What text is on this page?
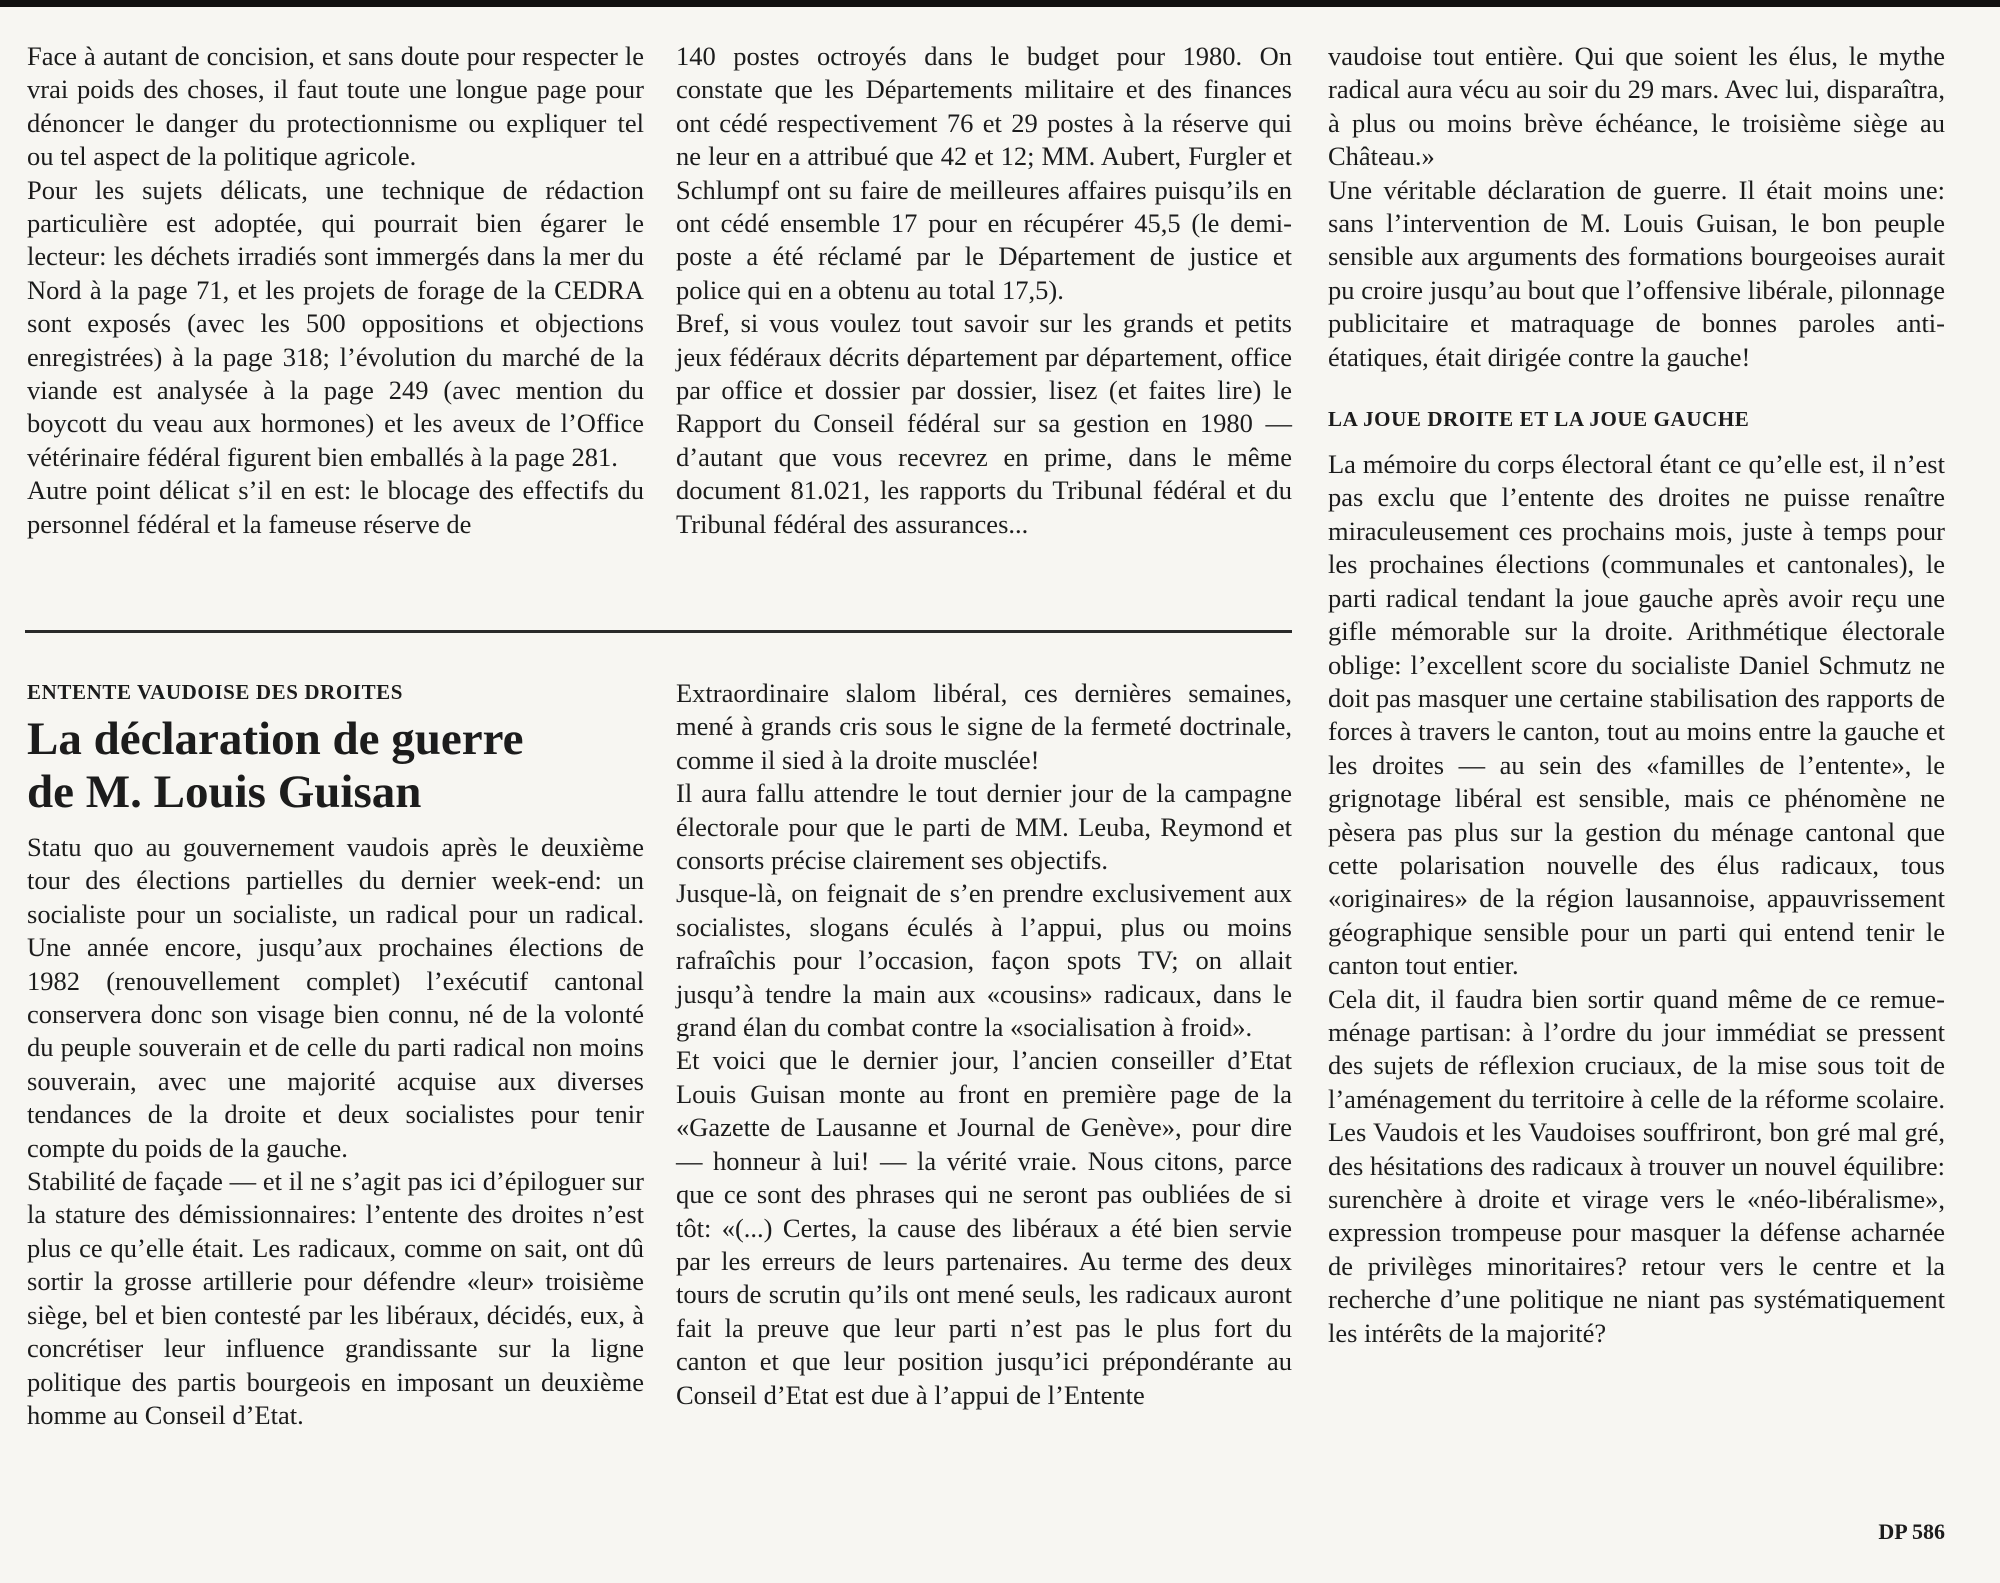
Face à autant de concision, et sans doute pour respecter le vrai poids des choses, il faut toute une longue page pour dénoncer le danger du protectionnisme ou expliquer tel ou tel aspect de la politique agricole.

Pour les sujets délicats, une technique de rédaction particulière est adoptée, qui pourrait bien égarer le lecteur: les déchets irradiés sont immergés dans la mer du Nord à la page 71, et les projets de forage de la CEDRA sont exposés (avec les 500 oppositions et objections enregistrées) à la page 318; l’évolution du marché de la viande est analysée à la page 249 (avec mention du boycott du veau aux hormones) et les aveux de l’Office vétérinaire fédéral figurent bien emballés à la page 281.

Autre point délicat s’il en est: le blocage des effectifs du personnel fédéral et la fameuse réserve de

140 postes octroyés dans le budget pour 1980. On constate que les Départements militaire et des finances ont cédé respectivement 76 et 29 postes à la réserve qui ne leur en a attribué que 42 et 12; MM. Aubert, Furgler et Schlumpf ont su faire de meilleures affaires puisqu’ils en ont cédé ensemble 17 pour en récupérer 45,5 (le demi-poste a été réclamé par le Département de justice et police qui en a obtenu au total 17,5).

Bref, si vous voulez tout savoir sur les grands et petits jeux fédéraux décrits département par département, office par office et dossier par dossier, lisez (et faites lire) le Rapport du Conseil fédéral sur sa gestion en 1980 — d’autant que vous recevrez en prime, dans le même document 81.021, les rapports du Tribunal fédéral et du Tribunal fédéral des assurances...

ENTENTE VAUDOISE DES DROITES
La déclaration de guerre
de M. Louis Guisan

Statu quo au gouvernement vaudois après le deuxième tour des élections partielles du dernier week-end: un socialiste pour un socialiste, un radical pour un radical. Une année encore, jusqu’aux prochaines élections de 1982 (renouvellement complet) l’exécutif cantonal conservera donc son visage bien connu, né de la volonté du peuple souverain et de celle du parti radical non moins souverain, avec une majorité acquise aux diverses tendances de la droite et deux socialistes pour tenir compte du poids de la gauche.

Stabilité de façade — et il ne s’agit pas ici d’épiloguer sur la stature des démissionnaires: l’entente des droites n’est plus ce qu’elle était. Les radicaux, comme on sait, ont dû sortir la grosse artillerie pour défendre «leur» troisième siège, bel et bien contesté par les libéraux, décidés, eux, à concrétiser leur influence grandissante sur la ligne politique des partis bourgeois en imposant un deuxième homme au Conseil d’Etat.

Extraordinaire slalom libéral, ces dernières semaines, mené à grands cris sous le signe de la fermeté doctrinale, comme il sied à la droite musclée!

Il aura fallu attendre le tout dernier jour de la campagne électorale pour que le parti de MM. Leuba, Reymond et consorts précise clairement ses objectifs.

Jusque-là, on feignait de s’en prendre exclusivement aux socialistes, slogans éculés à l’appui, plus ou moins rafraîchis pour l’occasion, façon spots TV; on allait jusqu’à tendre la main aux «cousins» radicaux, dans le grand élan du combat contre la «socialisation à froid».

Et voici que le dernier jour, l’ancien conseiller d’Etat Louis Guisan monte au front en première page de la «Gazette de Lausanne et Journal de Genève», pour dire — honneur à lui! — la vérité vraie. Nous citons, parce que ce sont des phrases qui ne seront pas oubliées de si tôt: «(...) Certes, la cause des libéraux a été bien servie par les erreurs de leurs partenaires. Au terme des deux tours de scrutin qu’ils ont mené seuls, les radicaux auront fait la preuve que leur parti n’est pas le plus fort du canton et que leur position jusqu’ici prépondérante au Conseil d’Etat est due à l’appui de l’Entente

vaudoise tout entière. Qui que soient les élus, le mythe radical aura vécu au soir du 29 mars. Avec lui, disparaîtra, à plus ou moins brève échéance, le troisième siège au Château.»

Une véritable déclaration de guerre. Il était moins une: sans l’intervention de M. Louis Guisan, le bon peuple sensible aux arguments des formations bourgeoises aurait pu croire jusqu’au bout que l’offensive libérale, pilonnage publicitaire et matraquage de bonnes paroles anti-étatiques, était dirigée contre la gauche!

LA JOUE DROITE ET LA JOUE GAUCHE

La mémoire du corps électoral étant ce qu’elle est, il n’est pas exclu que l’entente des droites ne puisse renaître miraculeusement ces prochains mois, juste à temps pour les prochaines élections (communales et cantonales), le parti radical tendant la joue gauche après avoir reçu une gifle mémorable sur la droite. Arithmétique électorale oblige: l’excellent score du socialiste Daniel Schmutz ne doit pas masquer une certaine stabilisation des rapports de forces à travers le canton, tout au moins entre la gauche et les droites — au sein des «familles de l’entente», le grignotage libéral est sensible, mais ce phénomène ne pèsera pas plus sur la gestion du ménage cantonal que cette polarisation nouvelle des élus radicaux, tous «originaires» de la région lausannoise, appauvrissement géographique sensible pour un parti qui entend tenir le canton tout entier.

Cela dit, il faudra bien sortir quand même de ce remue-ménage partisan: à l’ordre du jour immédiat se pressent des sujets de réflexion cruciaux, de la mise sous toit de l’aménagement du territoire à celle de la réforme scolaire. Les Vaudois et les Vaudoises souffriront, bon gré mal gré, des hésitations des radicaux à trouver un nouvel équilibre: surenchère à droite et virage vers le «néo-libéralisme», expression trompeuse pour masquer la défense acharnée de privilèges minoritaires? retour vers le centre et la recherche d’une politique ne niant pas systématiquement les intérêts de la majorité?

DP 586
